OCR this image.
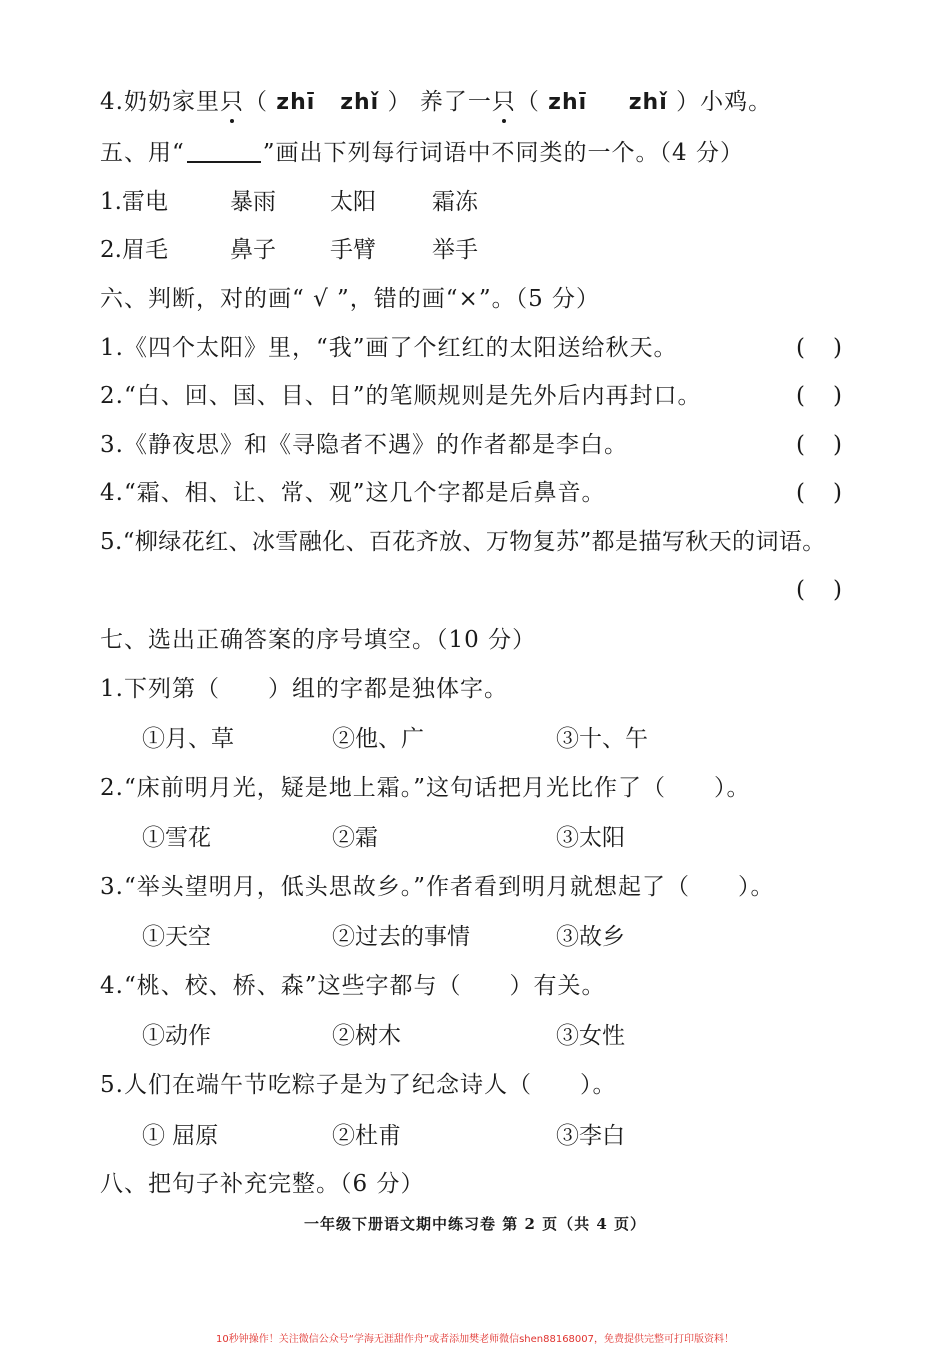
4.奶奶家里只（ zhī zhǐ ） 养了一只（ zhī zhǐ ）小鸡。
五、用“	”画出下列每行词语中不同类的一个。（4 分）
1.雷电	暴雨 太阳 霜冻
2.眉毛	鼻子 手臂 举手
六、判断，对的画“ √ ”，错的画“×”。（5 分）
1.《四个太阳》里，“我”画了个红红的太阳送给秋天。	()
2.“白、回、国、目、日”的笔顺规则是先外后内再封口。	()
3.《静夜思》和《寻隐者不遇》的作者都是李白。	()
4.“霜、相、让、常、观”这几个字都是后鼻音。	()
5.“柳绿花红、冰雪融化、百花齐放、万物复苏”都是描写秋天的词语。
()
七、选出正确答案的序号填空。（10 分）
1.下列第（　　）组的字都是独体字。
①月、草	②他、广	③十、午
2.“床前明月光，疑是地上霜。”这句话把月光比作了（　　）。
①雪花	②霜	③太阳
3.“举头望明月，低头思故乡。”作者看到明月就想起了（　　）。
①天空	②过去的事情	③故乡
4.“桃、校、桥、森”这些字都与（　　）有关。
①动作	②树木	③女性
5.人们在端午节吃粽子是为了纪念诗人（　　）。
① 屈原	②杜甫	③李白
八、把句子补充完整。（6 分）
一年级下册语文期中练习卷 第 2 页（共 4 页）
10秒钟操作！关注微信公众号“学海无涯甜作舟”或者添加樊老师微信shen88168007，免费提供完整可打印版资料！
